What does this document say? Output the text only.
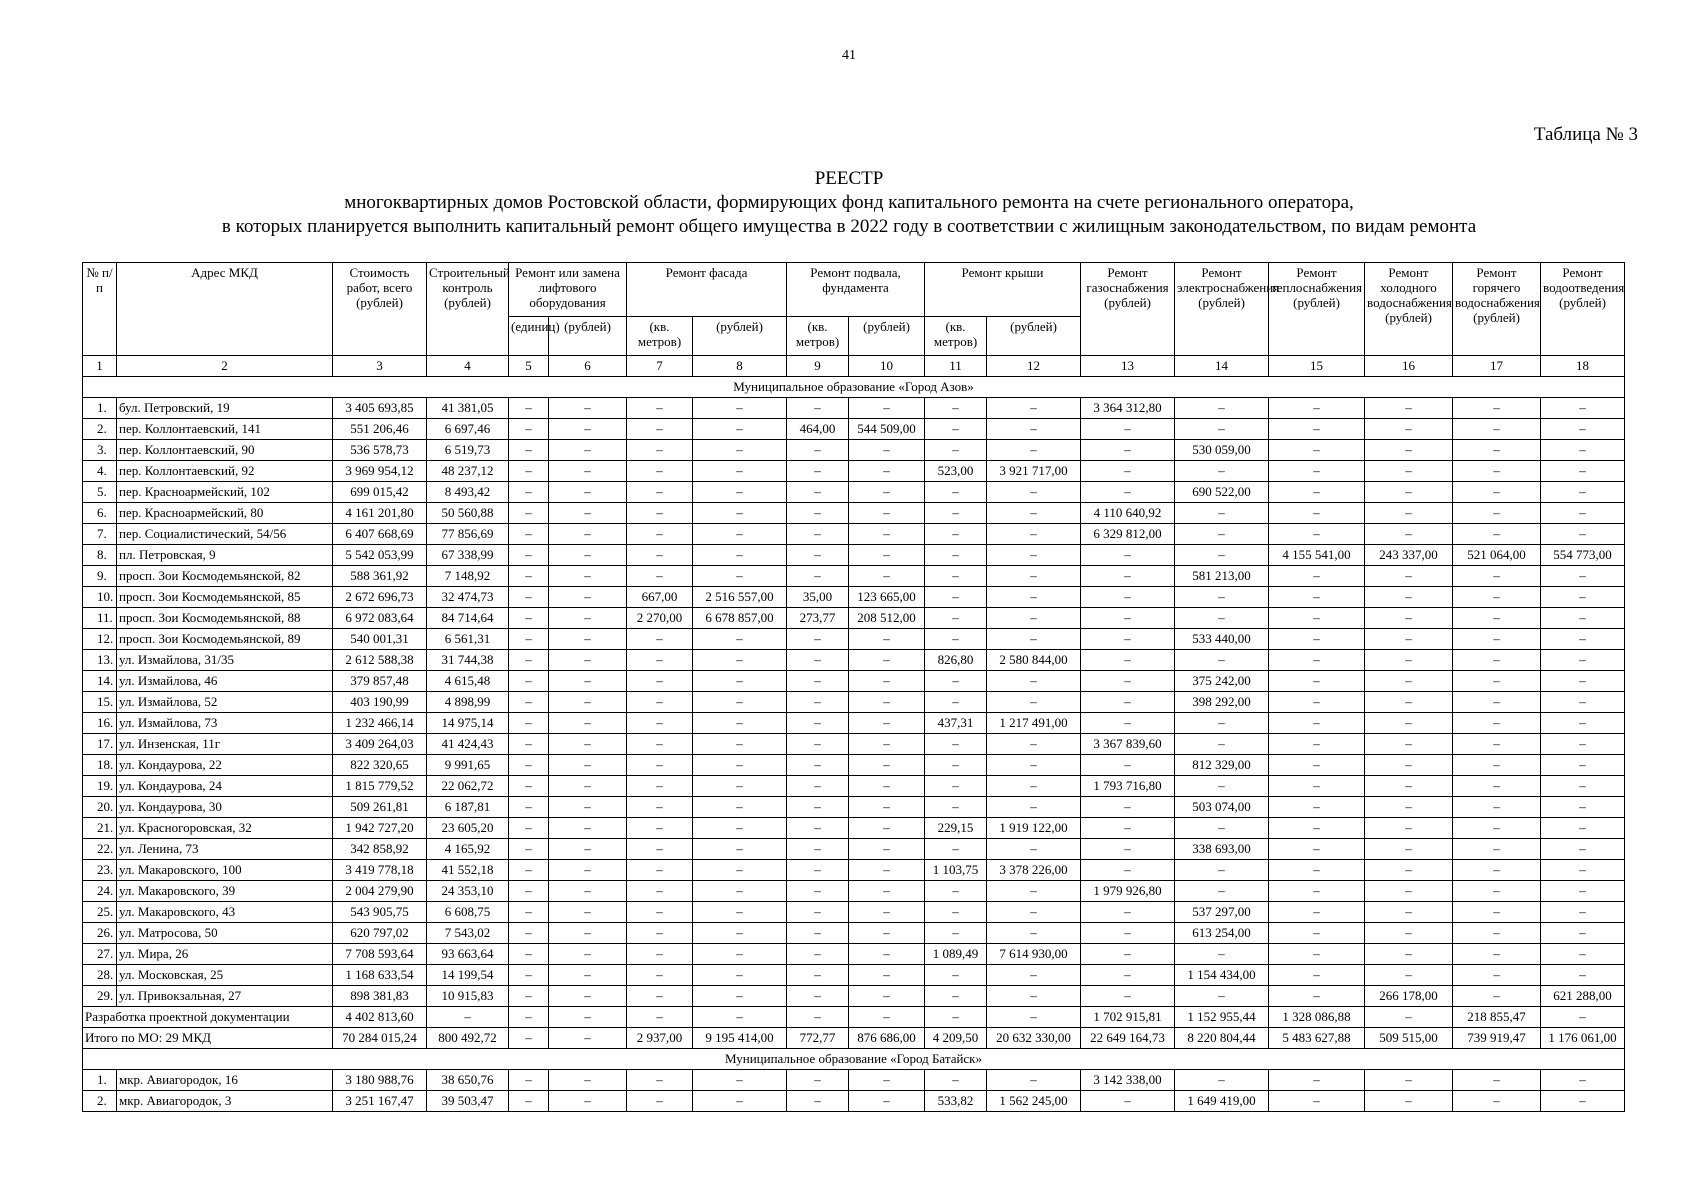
41
Таблица № 3
РЕЕСТР
многоквартирных домов Ростовской области, формирующих фонд капитального ремонта на счете регионального оператора,
в которых планируется выполнить капитальный ремонт общего имущества в 2022 году в соответствии с жилищным законодательством, по видам ремонта
№ п/п	Адрес МКД	Стоимость работ, всего (рублей)	Строительный контроль (рублей)	Ремонт или замена лифтового оборудования		Ремонт фасада		Ремонт подвала, фундамента		Ремонт крыши		Ремонт газоснабжения (рублей)	Ремонт электроснабжения (рублей)	Ремонт теплоснабжения (рублей)	Ремонт холодного водоснабжения (рублей)	Ремонт горячего водоснабжения (рублей)	Ремонт водоотведения (рублей)
				(единиц)	(рублей)	(кв. метров)	(рублей)	(кв. метров)	(рублей)	(кв. метров)	(рублей)						
1	2	3	4	5	6	7	8	9	10	11	12	13	14	15	16	17	18
Муниципальное образование «Город Азов»																	
1.	бул. Петровский, 19	3 405 693,85	41 381,05	–	–	–	–	–	–	–	–	3 364 312,80	–	–	–	–	–
2.	пер. Коллонтаевский, 141	551 206,46	6 697,46	–	–	–	–	464,00	544 509,00	–	–	–	–	–	–	–	–
3.	пер. Коллонтаевский, 90	536 578,73	6 519,73	–	–	–	–	–	–	–	–	–	530 059,00	–	–	–	–
4.	пер. Коллонтаевский, 92	3 969 954,12	48 237,12	–	–	–	–	–	–	523,00	3 921 717,00	–	–	–	–	–	–
5.	пер. Красноармейский, 102	699 015,42	8 493,42	–	–	–	–	–	–	–	–	–	690 522,00	–	–	–	–
6.	пер. Красноармейский, 80	4 161 201,80	50 560,88	–	–	–	–	–	–	–	–	4 110 640,92	–	–	–	–	–
7.	пер. Социалистический, 54/56	6 407 668,69	77 856,69	–	–	–	–	–	–	–	–	6 329 812,00	–	–	–	–	–
8.	пл. Петровская, 9	5 542 053,99	67 338,99	–	–	–	–	–	–	–	–	–	–	4 155 541,00	243 337,00	521 064,00	554 773,00
9.	просп. Зои Космодемьянской, 82	588 361,92	7 148,92	–	–	–	–	–	–	–	–	–	581 213,00	–	–	–	–
10.	просп. Зои Космодемьянской, 85	2 672 696,73	32 474,73	–	–	667,00	2 516 557,00	35,00	123 665,00	–	–	–	–	–	–	–	–
11.	просп. Зои Космодемьянской, 88	6 972 083,64	84 714,64	–	–	2 270,00	6 678 857,00	273,77	208 512,00	–	–	–	–	–	–	–	–
12.	просп. Зои Космодемьянской, 89	540 001,31	6 561,31	–	–	–	–	–	–	–	–	–	533 440,00	–	–	–	–
13.	ул. Измайлова, 31/35	2 612 588,38	31 744,38	–	–	–	–	–	–	826,80	2 580 844,00	–	–	–	–	–	–
14.	ул. Измайлова, 46	379 857,48	4 615,48	–	–	–	–	–	–	–	–	–	375 242,00	–	–	–	–
15.	ул. Измайлова, 52	403 190,99	4 898,99	–	–	–	–	–	–	–	–	–	398 292,00	–	–	–	–
16.	ул. Измайлова, 73	1 232 466,14	14 975,14	–	–	–	–	–	–	437,31	1 217 491,00	–	–	–	–	–	–
17.	ул. Инзенская, 11г	3 409 264,03	41 424,43	–	–	–	–	–	–	–	–	3 367 839,60	–	–	–	–	–
18.	ул. Кондаурова, 22	822 320,65	9 991,65	–	–	–	–	–	–	–	–	–	812 329,00	–	–	–	–
19.	ул. Кондаурова, 24	1 815 779,52	22 062,72	–	–	–	–	–	–	–	–	1 793 716,80	–	–	–	–	–
20.	ул. Кондаурова, 30	509 261,81	6 187,81	–	–	–	–	–	–	–	–	–	503 074,00	–	–	–	–
21.	ул. Красногоровская, 32	1 942 727,20	23 605,20	–	–	–	–	–	–	229,15	1 919 122,00	–	–	–	–	–	–
22.	ул. Ленина, 73	342 858,92	4 165,92	–	–	–	–	–	–	–	–	–	338 693,00	–	–	–	–
23.	ул. Макаровского, 100	3 419 778,18	41 552,18	–	–	–	–	–	–	1 103,75	3 378 226,00	–	–	–	–	–	–
24.	ул. Макаровского, 39	2 004 279,90	24 353,10	–	–	–	–	–	–	–	–	1 979 926,80	–	–	–	–	–
25.	ул. Макаровского, 43	543 905,75	6 608,75	–	–	–	–	–	–	–	–	–	537 297,00	–	–	–	–
26.	ул. Матросова, 50	620 797,02	7 543,02	–	–	–	–	–	–	–	–	–	613 254,00	–	–	–	–
27.	ул. Мира, 26	7 708 593,64	93 663,64	–	–	–	–	–	–	1 089,49	7 614 930,00	–	–	–	–	–	–
28.	ул. Московская, 25	1 168 633,54	14 199,54	–	–	–	–	–	–	–	–	–	1 154 434,00	–	–	–	–
29.	ул. Привокзальная, 27	898 381,83	10 915,83	–	–	–	–	–	–	–	–	–	–	–	266 178,00	–	621 288,00
Разработка проектной документации		4 402 813,60	–	–	–	–	–	–	–	–	–	1 702 915,81	1 152 955,44	1 328 086,88	–	218 855,47	–
Итого по МО: 29 МКД		70 284 015,24	800 492,72	–	–	2 937,00	9 195 414,00	772,77	876 686,00	4 209,50	20 632 330,00	22 649 164,73	8 220 804,44	5 483 627,88	509 515,00	739 919,47	1 176 061,00
Муниципальное образование «Город Батайск»																	
1.	мкр. Авиагородок, 16	3 180 988,76	38 650,76	–	–	–	–	–	–	–	–	3 142 338,00	–	–	–	–	–
2.	мкр. Авиагородок, 3	3 251 167,47	39 503,47	–	–	–	–	–	–	533,82	1 562 245,00	–	1 649 419,00	–	–	–	–
